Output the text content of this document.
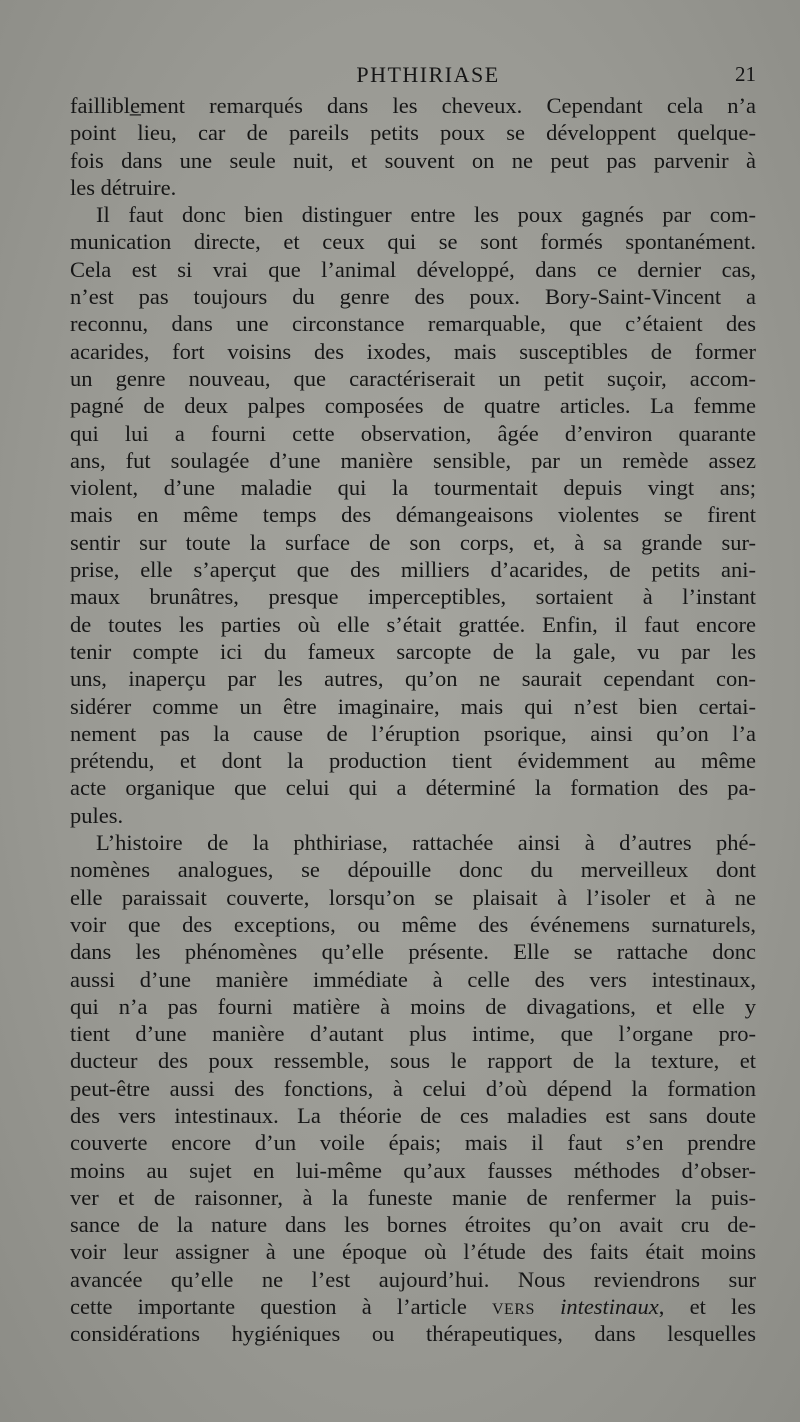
PHTHIRIASE	21
faillible̲ment remarqués dans les cheveux. Cependant cela n’a
point lieu, car de pareils petits poux se développent quelque-
fois dans une seule nuit, et souvent on ne peut pas parvenir à
les détruire.
Il faut donc bien distinguer entre les poux gagnés par com-
munication directe, et ceux qui se sont formés spontanément.
Cela est si vrai que l’animal développé, dans ce dernier cas,
n’est pas toujours du genre des poux. Bory-Saint-Vincent a
reconnu, dans une circonstance remarquable, que c’étaient des
acarides, fort voisins des ixodes, mais susceptibles de former
un genre nouveau, que caractériserait un petit suçoir, accom-
pagné de deux palpes composées de quatre articles. La femme
qui lui a fourni cette observation, âgée d’environ quarante
ans, fut soulagée d’une manière sensible, par un remède assez
violent, d’une maladie qui la tourmentait depuis vingt ans;
mais en même temps des démangeaisons violentes se firent
sentir sur toute la surface de son corps, et, à sa grande sur-
prise, elle s’aperçut que des milliers d’acarides, de petits ani-
maux brunâtres, presque imperceptibles, sortaient à l’instant
de toutes les parties où elle s’était grattée. Enfin, il faut encore
tenir compte ici du fameux sarcopte de la gale, vu par les
uns, inaperçu par les autres, qu’on ne saurait cependant con-
sidérer comme un être imaginaire, mais qui n’est bien certai-
nement pas la cause de l’éruption psorique, ainsi qu’on l’a
prétendu, et dont la production tient évidemment au même
acte organique que celui qui a déterminé la formation des pa-
pules.
L’histoire de la phthiriase, rattachée ainsi à d’autres phé-
nomènes analogues, se dépouille donc du merveilleux dont
elle paraissait couverte, lorsqu’on se plaisait à l’isoler et à ne
voir que des exceptions, ou même des événemens surnaturels,
dans les phénomènes qu’elle présente. Elle se rattache donc
aussi d’une manière immédiate à celle des vers intestinaux,
qui n’a pas fourni matière à moins de divagations, et elle y
tient d’une manière d’autant plus intime, que l’organe pro-
ducteur des poux ressemble, sous le rapport de la texture, et
peut-être aussi des fonctions, à celui d’où dépend la formation
des vers intestinaux. La théorie de ces maladies est sans doute
couverte encore d’un voile épais; mais il faut s’en prendre
moins au sujet en lui-même qu’aux fausses méthodes d’obser-
ver et de raisonner, à la funeste manie de renfermer la puis-
sance de la nature dans les bornes étroites qu’on avait cru de-
voir leur assigner à une époque où l’étude des faits était moins
avancée qu’elle ne l’est aujourd’hui. Nous reviendrons sur
cette importante question à l’article VERS intestinaux, et les
considérations hygiéniques ou thérapeutiques, dans lesquelles
